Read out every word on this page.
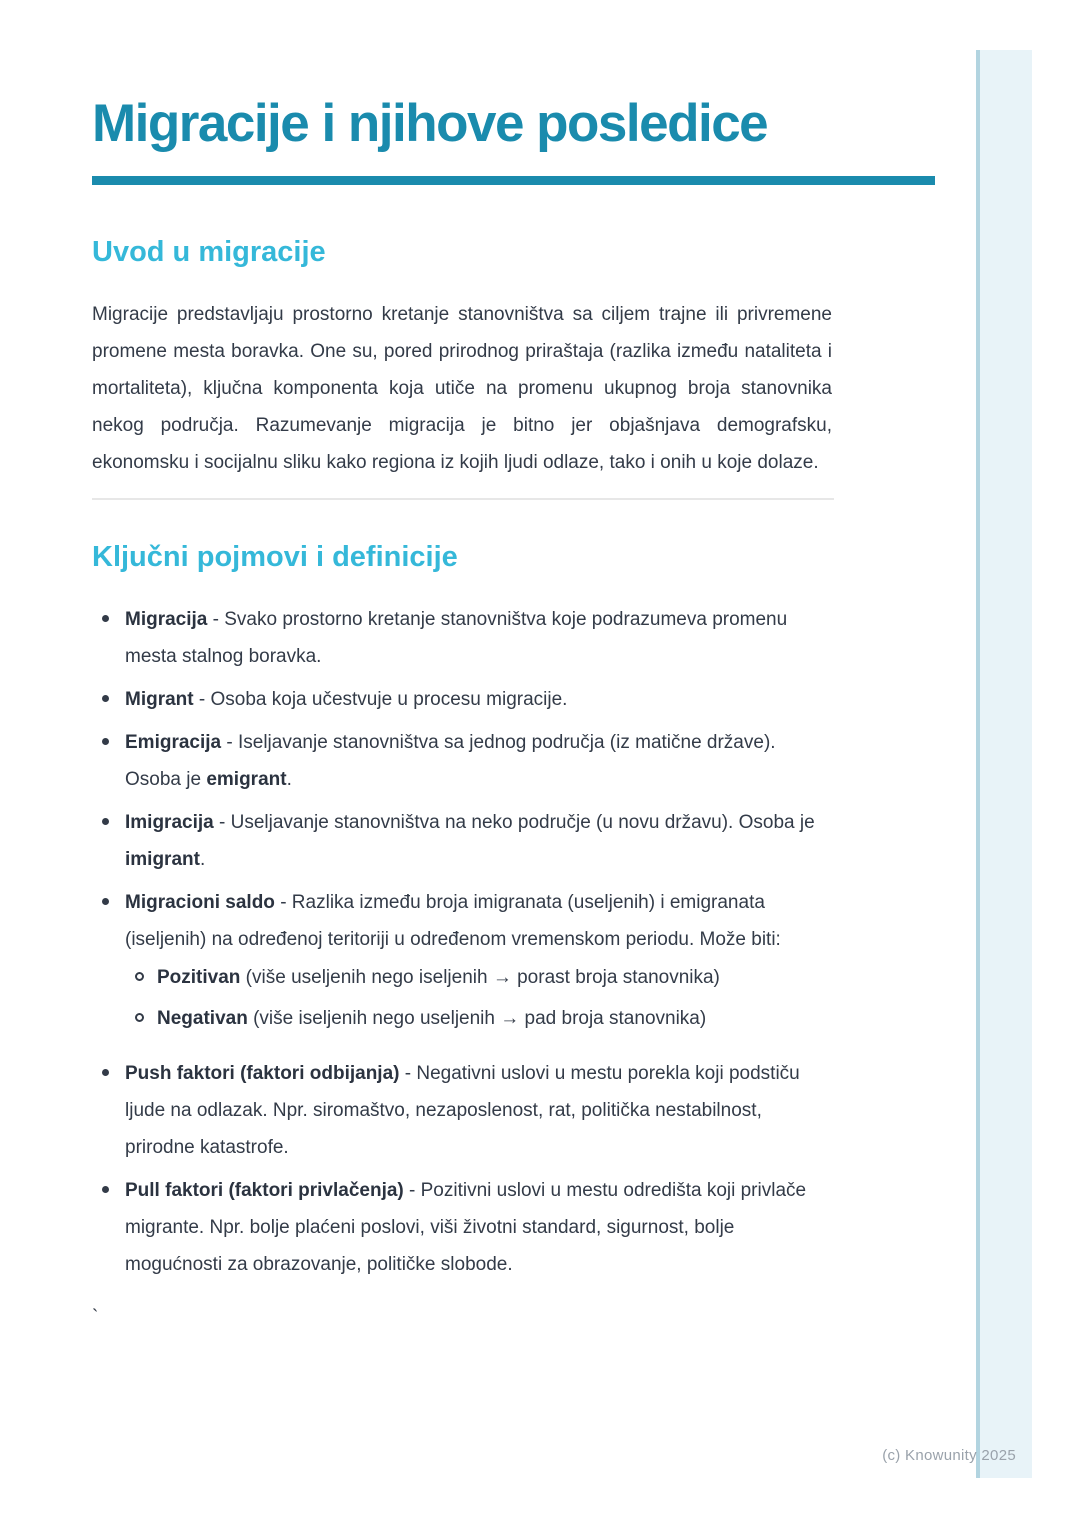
Migracije i njihove posledice
Uvod u migracije

Migracije predstavljaju prostorno kretanje stanovništva sa ciljem trajne ili privremene promene mesta boravka. One su, pored prirodnog priraštaja (razlika između nataliteta i mortaliteta), ključna komponenta koja utiče na promenu ukupnog broja stanovnika nekog područja. Razumevanje migracija je bitno jer objašnjava demografsku, ekonomsku i socijalnu sliku kako regiona iz kojih ljudi odlaze, tako i onih u koje dolaze.

Ključni pojmovi i definicije
Migracija - Svako prostorno kretanje stanovništva koje podrazumeva promenu mesta stalnog boravka.
Migrant - Osoba koja učestvuje u procesu migracije.
Emigracija - Iseljavanje stanovništva sa jednog područja (iz matične države). Osoba je emigrant.
Imigracija - Useljavanje stanovništva na neko područje (u novu državu). Osoba je imigrant.
Migracioni saldo - Razlika između broja imigranata (useljenih) i emigranata (iseljenih) na određenoj teritoriji u određenom vremenskom periodu. Može biti:
Pozitivan (više useljenih nego iseljenih → porast broja stanovnika)
Negativan (više iseljenih nego useljenih → pad broja stanovnika)
Push faktori (faktori odbijanja) - Negativni uslovi u mestu porekla koji podstiču ljude na odlazak. Npr. siromaštvo, nezaposlenost, rat, politička nestabilnost, prirodne katastrofe.
Pull faktori (faktori privlačenja) - Pozitivni uslovi u mestu odredišta koji privlače migrante. Npr. bolje plaćeni poslovi, viši životni standard, sigurnost, bolje mogućnosti za obrazovanje, političke slobode.
`
(c) Knowunity 2025
